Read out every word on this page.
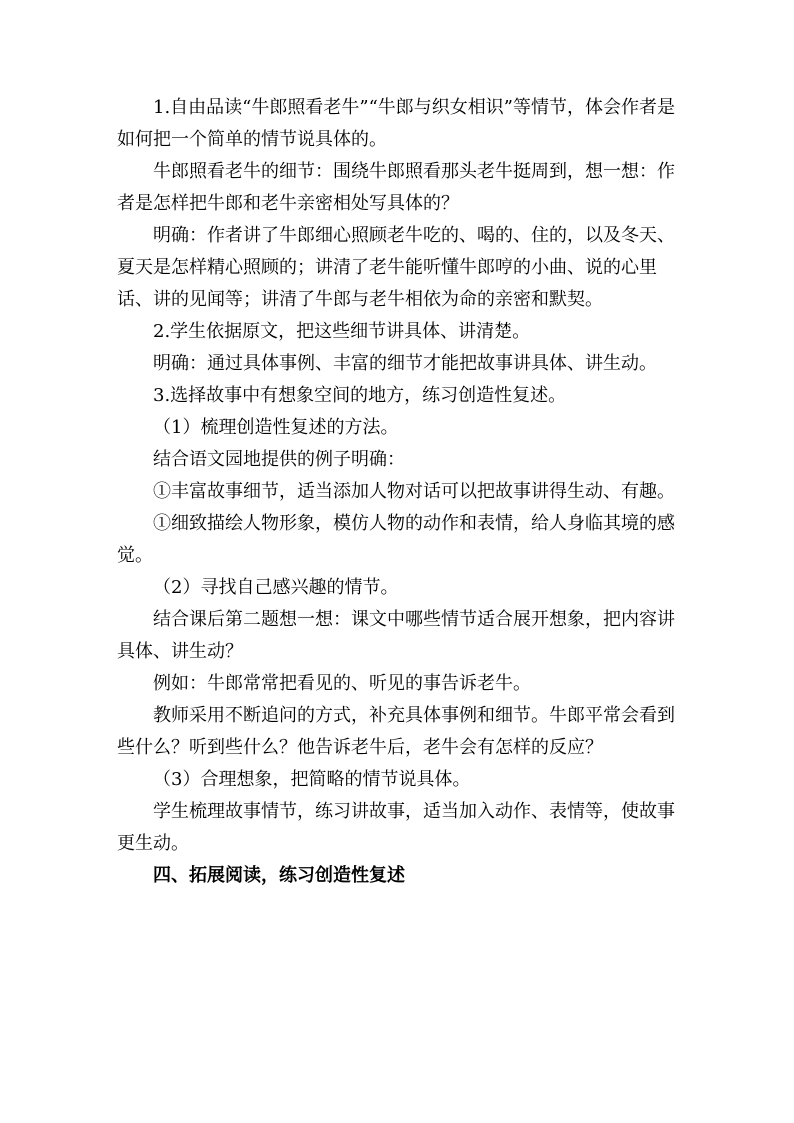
1.自由品读“牛郎照看老牛”“牛郎与织女相识”等情节，体会作者是如何把一个简单的情节说具体的。

牛郎照看老牛的细节：围绕牛郎照看那头老牛挺周到，想一想：作者是怎样把牛郎和老牛亲密相处写具体的？

明确：作者讲了牛郎细心照顾老牛吃的、喝的、住的，以及冬天、夏天是怎样精心照顾的；讲清了老牛能听懂牛郎哼的小曲、说的心里话、讲的见闻等；讲清了牛郎与老牛相依为命的亲密和默契。

2.学生依据原文，把这些细节讲具体、讲清楚。

明确：通过具体事例、丰富的细节才能把故事讲具体、讲生动。

3.选择故事中有想象空间的地方，练习创造性复述。

（1）梳理创造性复述的方法。

结合语文园地提供的例子明确：

①丰富故事细节，适当添加人物对话可以把故事讲得生动、有趣。

①细致描绘人物形象，模仿人物的动作和表情，给人身临其境的感觉。

（2）寻找自己感兴趣的情节。

结合课后第二题想一想：课文中哪些情节适合展开想象，把内容讲具体、讲生动？

例如：牛郎常常把看见的、听见的事告诉老牛。

教师采用不断追问的方式，补充具体事例和细节。牛郎平常会看到些什么？听到些什么？他告诉老牛后，老牛会有怎样的反应？

（3）合理想象，把简略的情节说具体。

学生梳理故事情节，练习讲故事，适当加入动作、表情等，使故事更生动。

四、拓展阅读，练习创造性复述
